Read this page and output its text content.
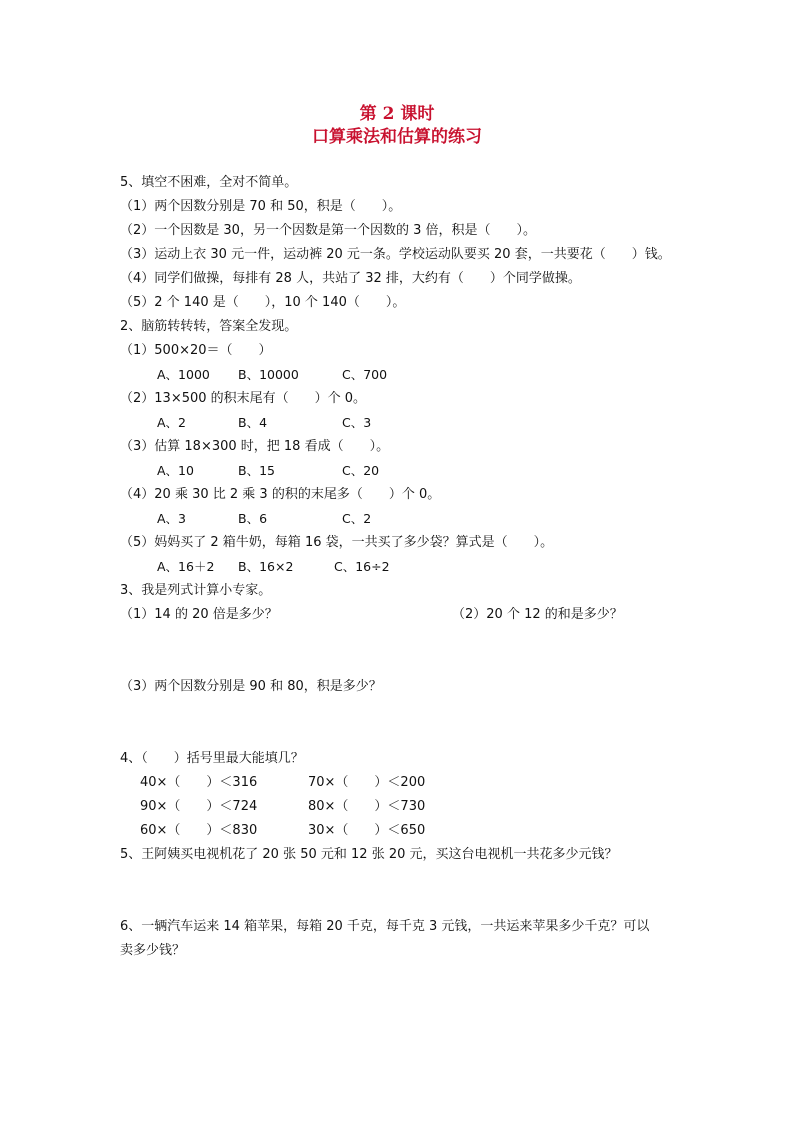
第 2 课时
口算乘法和估算的练习
5、填空不困难，全对不简单。
（1）两个因数分别是 70 和 50，积是（　　）。
（2）一个因数是 30，另一个因数是第一个因数的 3 倍，积是（　　）。
（3）运动上衣 30 元一件，运动裤 20 元一条。学校运动队要买 20 套，一共要花（　　）钱。
（4）同学们做操，每排有 28 人，共站了 32 排，大约有（　　）个同学做操。
（5）2 个 140 是（　　），10 个 140（　　）。
2、脑筋转转转，答案全发现。
（1）500×20＝（　　）
A、1000 B、10000	C、700
（2）13×500 的积末尾有（　　）个 0。
A、2	B、4	C、3
（3）估算 18×300 时，把 18 看成（　　）。
A、10	B、15	C、20
（4）20 乘 30 比 2 乘 3 的积的末尾多（　　）个 0。
A、3	B、6	C、2
（5）妈妈买了 2 箱牛奶，每箱 16 袋，一共买了多少袋？算式是（　　）。
A、16＋2 B、16×2	C、16÷2
3、我是列式计算小专家。
（1）14 的 20 倍是多少？	（2）20 个 12 的和是多少？
（3）两个因数分别是 90 和 80，积是多少？
4、（　　）括号里最大能填几？
40×（　　）＜316	70×（　　）＜200
90×（　　）＜724	80×（　　）＜730
60×（　　）＜830	30×（　　）＜650
5、王阿姨买电视机花了 20 张 50 元和 12 张 20 元，买这台电视机一共花多少元钱？
6、一辆汽车运来 14 箱苹果，每箱 20 千克，每千克 3 元钱，一共运来苹果多少千克？可以
卖多少钱？
